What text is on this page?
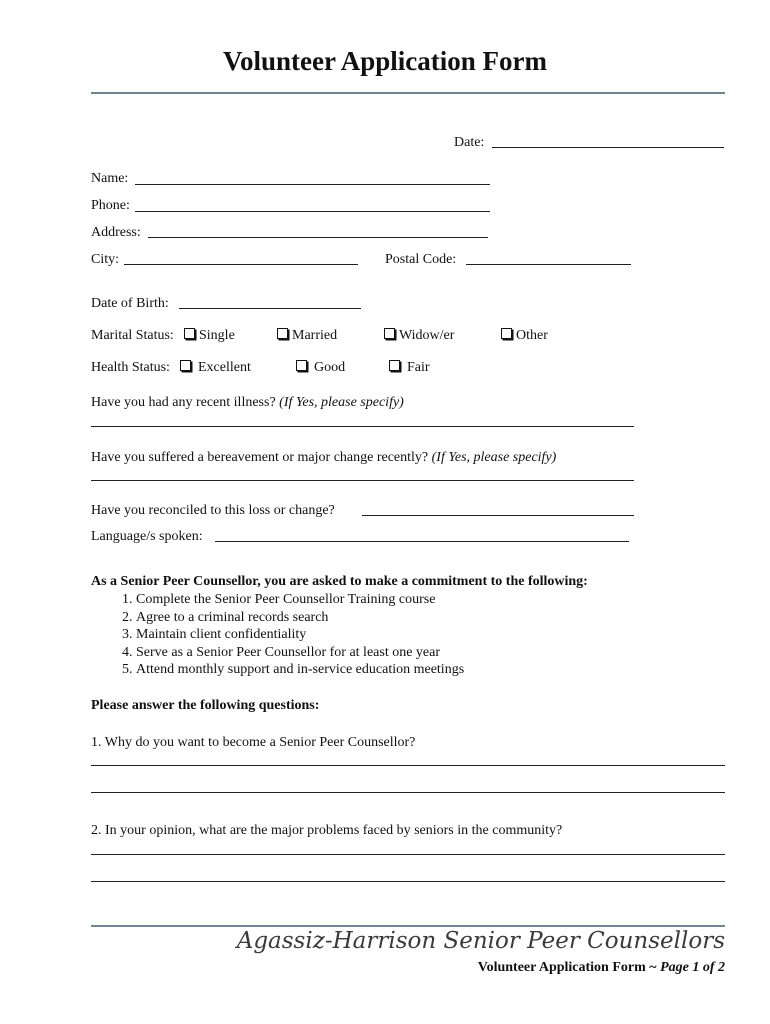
Volunteer Application Form
Date:
Name:
Phone:
Address:
City:	Postal Code:
Date of Birth:
Marital Status:	Single	Married	Widow/er	Other
Health Status:	Excellent	Good	Fair
Have you had any recent illness? (If Yes, please specify)
Have you suffered a bereavement or major change recently? (If Yes, please specify)
Have you reconciled to this loss or change?
Language/s spoken:
As a Senior Peer Counsellor, you are asked to make a commitment to the following:
1. Complete the Senior Peer Counsellor Training course
2. Agree to a criminal records search
3. Maintain client confidentiality
4. Serve as a Senior Peer Counsellor for at least one year
5. Attend monthly support and in-service education meetings
Please answer the following questions:
1. Why do you want to become a Senior Peer Counsellor?
2. In your opinion, what are the major problems faced by seniors in the community?
Agassiz-Harrison Senior Peer Counsellors
Volunteer Application Form ~ Page 1 of 2
